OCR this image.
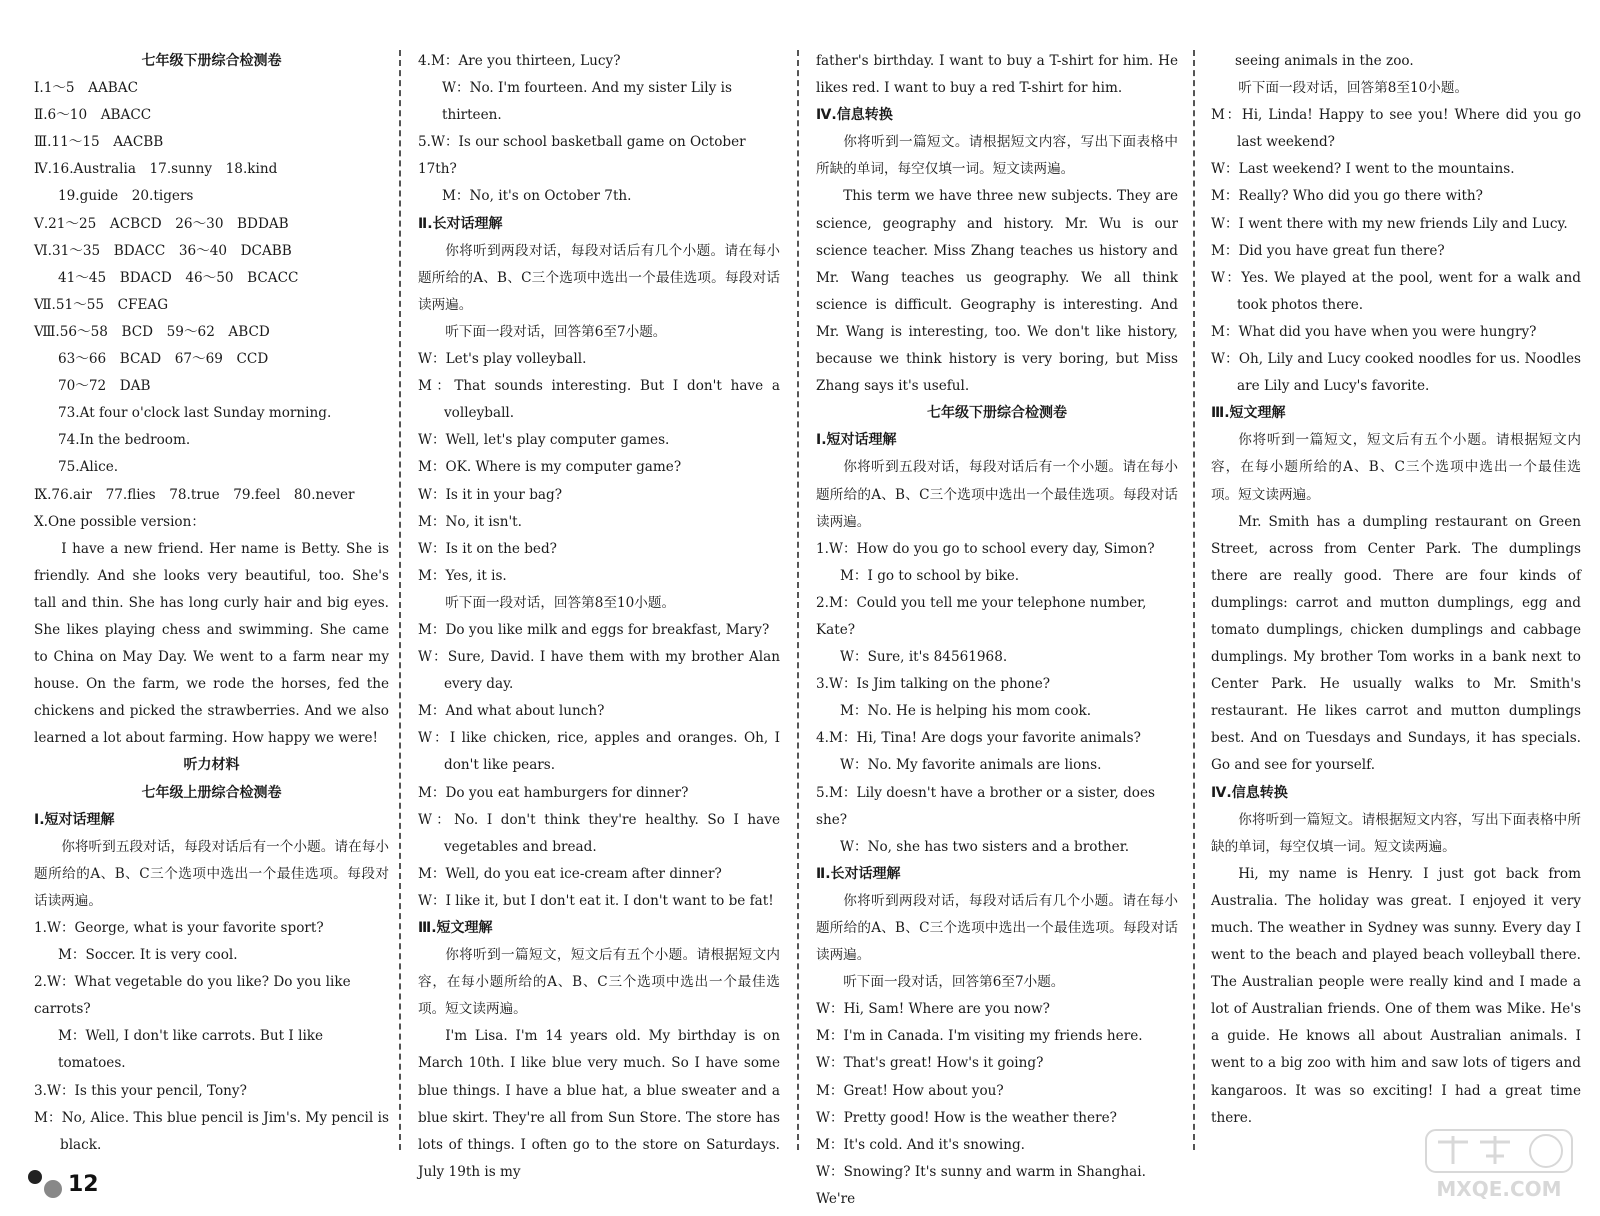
七年级下册综合检测卷

Ⅰ.1～5　AABAC

Ⅱ.6～10　ABACC

Ⅲ.11～15　AACBB

Ⅳ.16.Australia　17.sunny　18.kind

19.guide　20.tigers

Ⅴ.21～25　ACBCD　26～30　BDDAB

Ⅵ.31～35　BDACC　36～40　DCABB

41～45　BDACD　46～50　BCACC

Ⅶ.51～55　CFEAG

Ⅷ.56～58　BCD　59～62　ABCD

63～66　BCAD　67～69　CCD

70～72　DAB

73.At four o'clock last Sunday morning.

74.In the bedroom.

75.Alice.

Ⅸ.76.air　77.flies　78.true　79.feel　80.never

Ⅹ.One possible version：

I have a new friend. Her name is Betty. She is friendly. And she looks very beautiful, too. She's tall and thin. She has long curly hair and big eyes. She likes playing chess and swimming. She came to China on May Day. We went to a farm near my house. On the farm, we rode the horses, fed the chickens and picked the strawberries. And we also learned a lot about farming. How happy we were!

听力材料

七年级上册综合检测卷

Ⅰ.短对话理解

你将听到五段对话，每段对话后有一个小题。请在每小题所给的A、B、C三个选项中选出一个最佳选项。每段对话读两遍。

1.W：George, what is your favorite sport?

M：Soccer. It is very cool.

2.W：What vegetable do you like? Do you like carrots?

M：Well, I don't like carrots. But I like tomatoes.

3.W：Is this your pencil, Tony?

M：No, Alice. This blue pencil is Jim's. My pencil is black.

4.M：Are you thirteen, Lucy?

W：No. I'm fourteen. And my sister Lily is thirteen.

5.W：Is our school basketball game on October 17th?

M：No, it's on October 7th.

Ⅱ.长对话理解

你将听到两段对话，每段对话后有几个小题。请在每小题所给的A、B、C三个选项中选出一个最佳选项。每段对话读两遍。

听下面一段对话，回答第6至7小题。

W：Let's play volleyball.

M：That sounds interesting. But I don't have a volleyball.

W：Well, let's play computer games.

M：OK. Where is my computer game?

W：Is it in your bag?

M：No, it isn't.

W：Is it on the bed?

M：Yes, it is.

听下面一段对话，回答第8至10小题。

M：Do you like milk and eggs for breakfast, Mary?

W：Sure, David. I have them with my brother Alan every day.

M：And what about lunch?

W：I like chicken, rice, apples and oranges. Oh, I don't like pears.

M：Do you eat hamburgers for dinner?

W：No. I don't think they're healthy. So I have vegetables and bread.

M：Well, do you eat ice-cream after dinner?

W：I like it, but I don't eat it. I don't want to be fat!

Ⅲ.短文理解

你将听到一篇短文，短文后有五个小题。请根据短文内容，在每小题所给的A、B、C三个选项中选出一个最佳选项。短文读两遍。

I'm Lisa. I'm 14 years old. My birthday is on March 10th. I like blue very much. So I have some blue things. I have a blue hat, a blue sweater and a blue skirt. They're all from Sun Store. The store has lots of things. I often go to the store on Saturdays. July 19th is my

father's birthday. I want to buy a T-shirt for him. He likes red. I want to buy a red T-shirt for him.

Ⅳ.信息转换

你将听到一篇短文。请根据短文内容，写出下面表格中所缺的单词，每空仅填一词。短文读两遍。

This term we have three new subjects. They are science, geography and history. Mr. Wu is our science teacher. Miss Zhang teaches us history and Mr. Wang teaches us geography. We all think science is difficult. Geography is interesting. And Mr. Wang is interesting, too. We don't like history, because we think history is very boring, but Miss Zhang says it's useful.

七年级下册综合检测卷

Ⅰ.短对话理解

你将听到五段对话，每段对话后有一个小题。请在每小题所给的A、B、C三个选项中选出一个最佳选项。每段对话读两遍。

1.W：How do you go to school every day, Simon?

M：I go to school by bike.

2.M：Could you tell me your telephone number, Kate?

W：Sure, it's 84561968.

3.W：Is Jim talking on the phone?

M：No. He is helping his mom cook.

4.M：Hi, Tina! Are dogs your favorite animals?

W：No. My favorite animals are lions.

5.M：Lily doesn't have a brother or a sister, does she?

W：No, she has two sisters and a brother.

Ⅱ.长对话理解

你将听到两段对话，每段对话后有几个小题。请在每小题所给的A、B、C三个选项中选出一个最佳选项。每段对话读两遍。

听下面一段对话，回答第6至7小题。

W：Hi, Sam! Where are you now?

M：I'm in Canada. I'm visiting my friends here.

W：That's great! How's it going?

M：Great! How about you?

W：Pretty good! How is the weather there?

M：It's cold. And it's snowing.

W：Snowing? It's sunny and warm in Shanghai. We're

seeing animals in the zoo.

听下面一段对话，回答第8至10小题。

M：Hi, Linda! Happy to see you! Where did you go last weekend?

W：Last weekend? I went to the mountains.

M：Really? Who did you go there with?

W：I went there with my new friends Lily and Lucy.

M：Did you have great fun there?

W：Yes. We played at the pool, went for a walk and took photos there.

M：What did you have when you were hungry?

W：Oh, Lily and Lucy cooked noodles for us. Noodles are Lily and Lucy's favorite.

Ⅲ.短文理解

你将听到一篇短文，短文后有五个小题。请根据短文内容，在每小题所给的A、B、C三个选项中选出一个最佳选项。短文读两遍。

Mr. Smith has a dumpling restaurant on Green Street, across from Center Park. The dumplings there are really good. There are four kinds of dumplings: carrot and mutton dumplings, egg and tomato dumplings, chicken dumplings and cabbage dumplings. My brother Tom works in a bank next to Center Park. He usually walks to Mr. Smith's restaurant. He likes carrot and mutton dumplings best. And on Tuesdays and Sundays, it has specials. Go and see for yourself.

Ⅳ.信息转换

你将听到一篇短文。请根据短文内容，写出下面表格中所缺的单词，每空仅填一词。短文读两遍。

Hi, my name is Henry. I just got back from Australia. The holiday was great. I enjoyed it very much. The weather in Sydney was sunny. Every day I went to the beach and played beach volleyball there. The Australian people were really kind and I made a lot of Australian friends. One of them was Mike. He's a guide. He knows all about Australian animals. I went to a big zoo with him and saw lots of tigers and kangaroos. It was so exciting! I had a great time there.

12	MXQE.COM
